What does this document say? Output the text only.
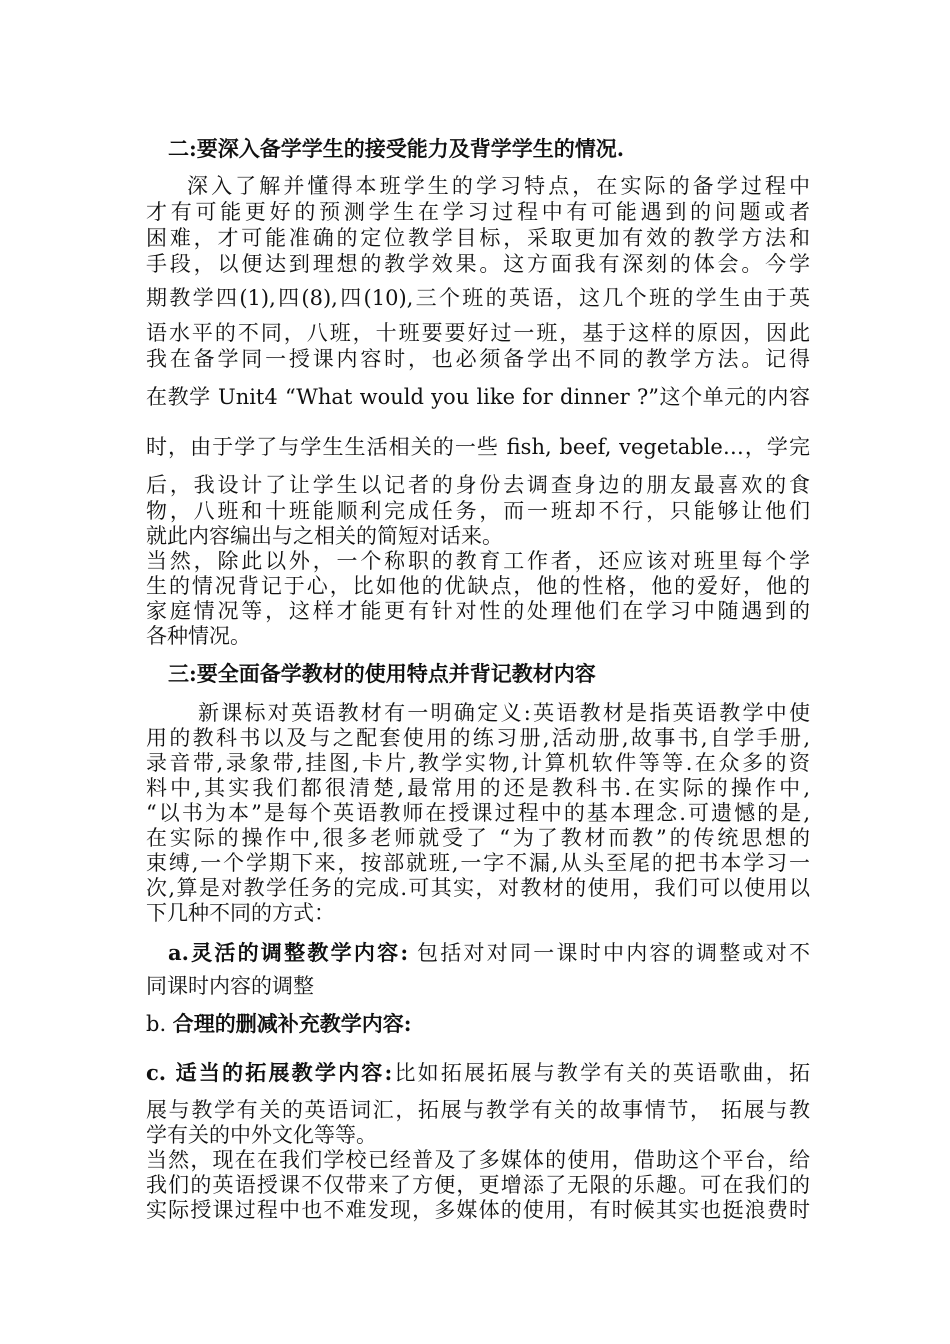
二:要深入备学学生的接受能力及背学学生的情况.
深入了解并懂得本班学生的学习特点，在实际的备学过程中
才有可能更好的预测学生在学习过程中有可能遇到的问题或者
困难，才可能准确的定位教学目标，采取更加有效的教学方法和
手段，以便达到理想的教学效果。这方面我有深刻的体会。今学
期教学四(1),四(8),四(10),三个班的英语，这几个班的学生由于英
语水平的不同，八班，十班要要好过一班，基于这样的原因，因此
我在备学同一授课内容时，也必须备学出不同的教学方法。记得
在教学 Unit4 “What would you like for dinner ?”这个单元的内容
时，由于学了与学生生活相关的一些 fish, beef, vegetable…，学完
后，我设计了让学生以记者的身份去调查身边的朋友最喜欢的食
物，八班和十班能顺利完成任务，而一班却不行，只能够让他们
就此内容编出与之相关的简短对话来。
当然，除此以外，一个称职的教育工作者，还应该对班里每个学
生的情况背记于心，比如他的优缺点，他的性格，他的爱好，他的
家庭情况等，这样才能更有针对性的处理他们在学习中随遇到的
各种情况。
三:要全面备学教材的使用特点并背记教材内容
新课标对英语教材有一明确定义:英语教材是指英语教学中使
用的教科书以及与之配套使用的练习册,活动册,故事书,自学手册,
录音带,录象带,挂图,卡片,教学实物,计算机软件等等.在众多的资
料中,其实我们都很清楚,最常用的还是教科书.在实际的操作中,
“以书为本”是每个英语教师在授课过程中的基本理念.可遗憾的是,
在实际的操作中,很多老师就受了 “为了教材而教”的传统思想的
束缚,一个学期下来，按部就班,一字不漏,从头至尾的把书本学习一
次,算是对教学任务的完成.可其实，对教材的使用，我们可以使用以
下几种不同的方式：
a.灵活的调整教学内容: 包括对对同一课时中内容的调整或对不
同课时内容的调整
b. 合理的删减补充教学内容:
c. 适当的拓展教学内容:比如拓展拓展与教学有关的英语歌曲，拓
展与教学有关的英语词汇，拓展与教学有关的故事情节， 拓展与教
学有关的中外文化等等。
当然，现在在我们学校已经普及了多媒体的使用，借助这个平台，给
我们的英语授课不仅带来了方便，更增添了无限的乐趣。可在我们的
实际授课过程中也不难发现，多媒体的使用，有时候其实也挺浪费时
